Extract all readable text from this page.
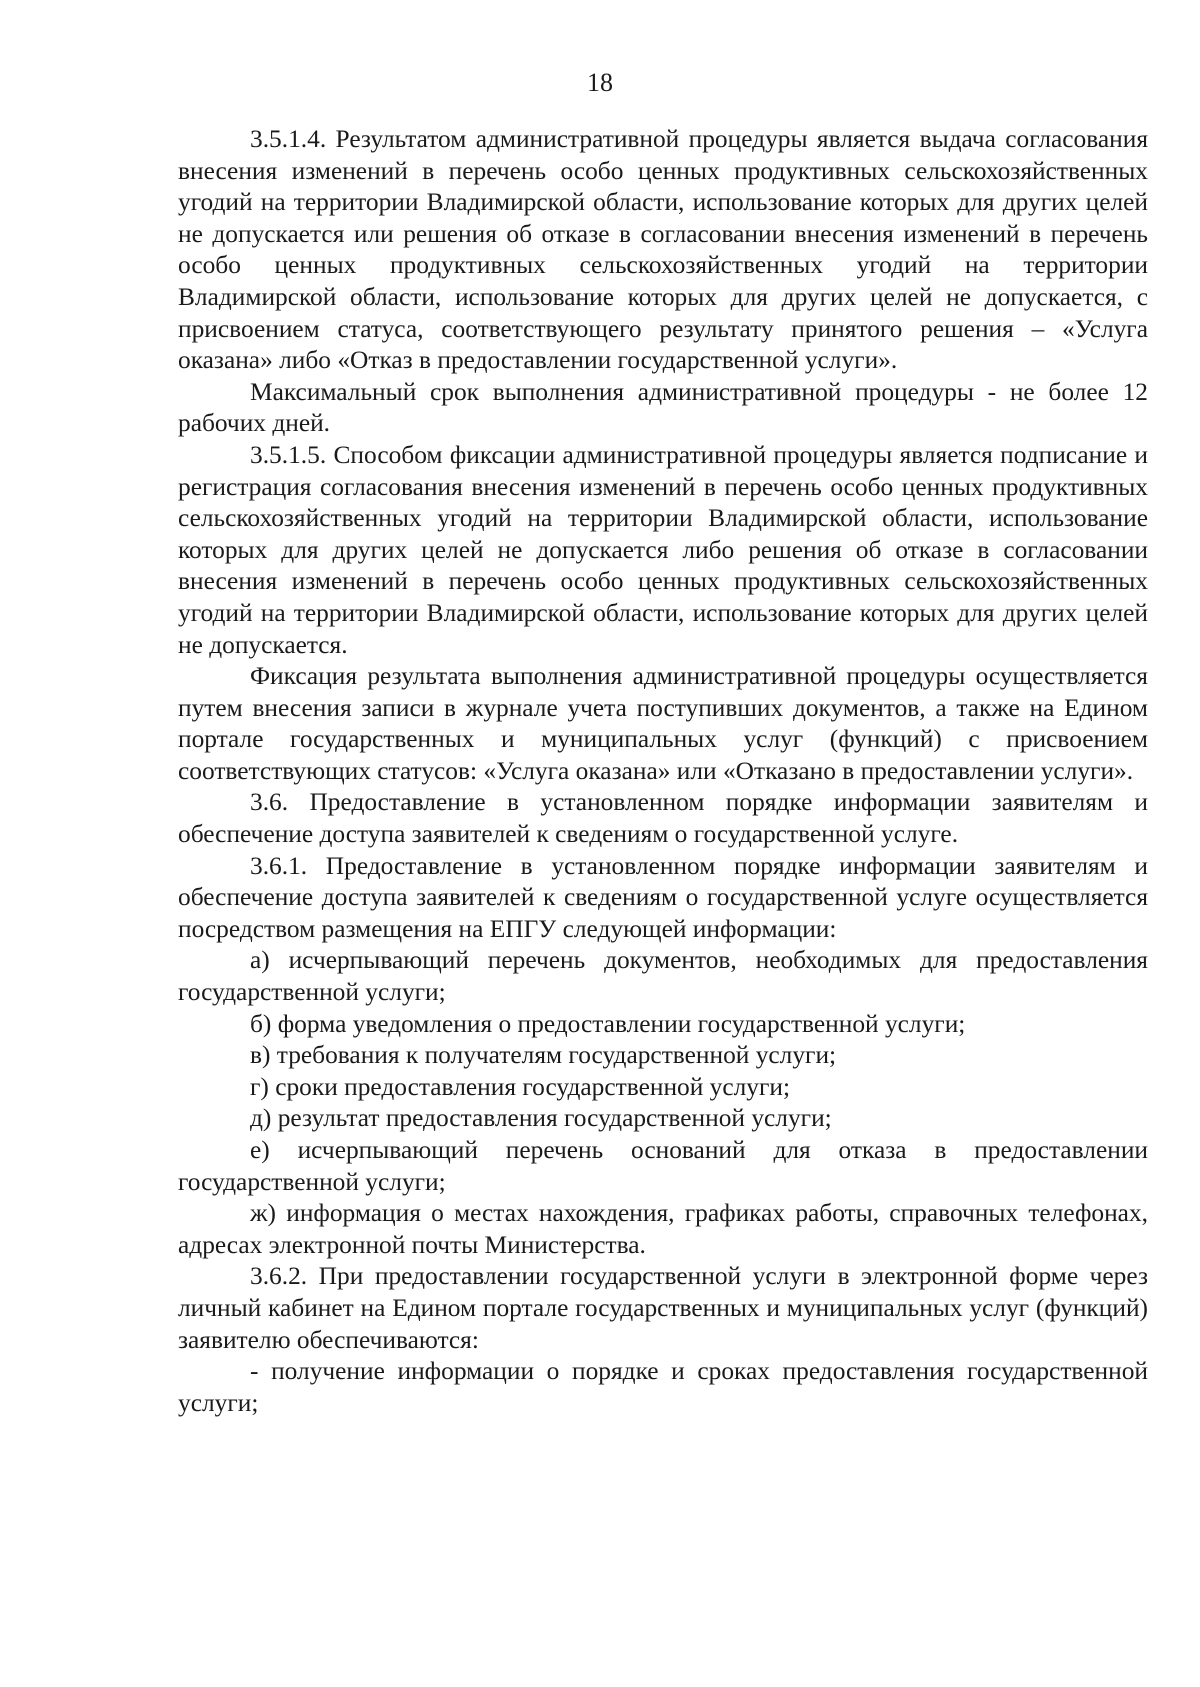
18

3.5.1.4. Результатом административной процедуры является выдача согласования внесения изменений в перечень особо ценных продуктивных сельскохозяйственных угодий на территории Владимирской области, использование которых для других целей не допускается или решения об отказе в согласовании внесения изменений в перечень особо ценных продуктивных сельскохозяйственных угодий на территории Владимирской области, использование которых для других целей не допускается, с присвоением статуса, соответствующего результату принятого решения – «Услуга оказана» либо «Отказ в предоставлении государственной услуги».

Максимальный срок выполнения административной процедуры - не более 12 рабочих дней.

3.5.1.5. Способом фиксации административной процедуры является подписание и регистрация согласования внесения изменений в перечень особо ценных продуктивных сельскохозяйственных угодий на территории Владимирской области, использование которых для других целей не допускается либо решения об отказе в согласовании внесения изменений в перечень особо ценных продуктивных сельскохозяйственных угодий на территории Владимирской области, использование которых для других целей не допускается.

Фиксация результата выполнения административной процедуры осуществляется путем внесения записи в журнале учета поступивших документов, а также на Едином портале государственных и муниципальных услуг (функций) с присвоением соответствующих статусов: «Услуга оказана» или «Отказано в предоставлении услуги».

3.6. Предоставление в установленном порядке информации заявителям и обеспечение доступа заявителей к сведениям о государственной услуге.

3.6.1. Предоставление в установленном порядке информации заявителям и обеспечение доступа заявителей к сведениям о государственной услуге осуществляется посредством размещения на ЕПГУ следующей информации:

а) исчерпывающий перечень документов, необходимых для предоставления государственной услуги;

б) форма уведомления о предоставлении государственной услуги;

в) требования к получателям государственной услуги;

г) сроки предоставления государственной услуги;

д) результат предоставления государственной услуги;

е) исчерпывающий перечень оснований для отказа в предоставлении государственной услуги;

ж) информация о местах нахождения, графиках работы, справочных телефонах, адресах электронной почты Министерства.

3.6.2. При предоставлении государственной услуги в электронной форме через личный кабинет на Едином портале государственных и муниципальных услуг (функций) заявителю обеспечиваются:

- получение информации о порядке и сроках предоставления государственной услуги;
